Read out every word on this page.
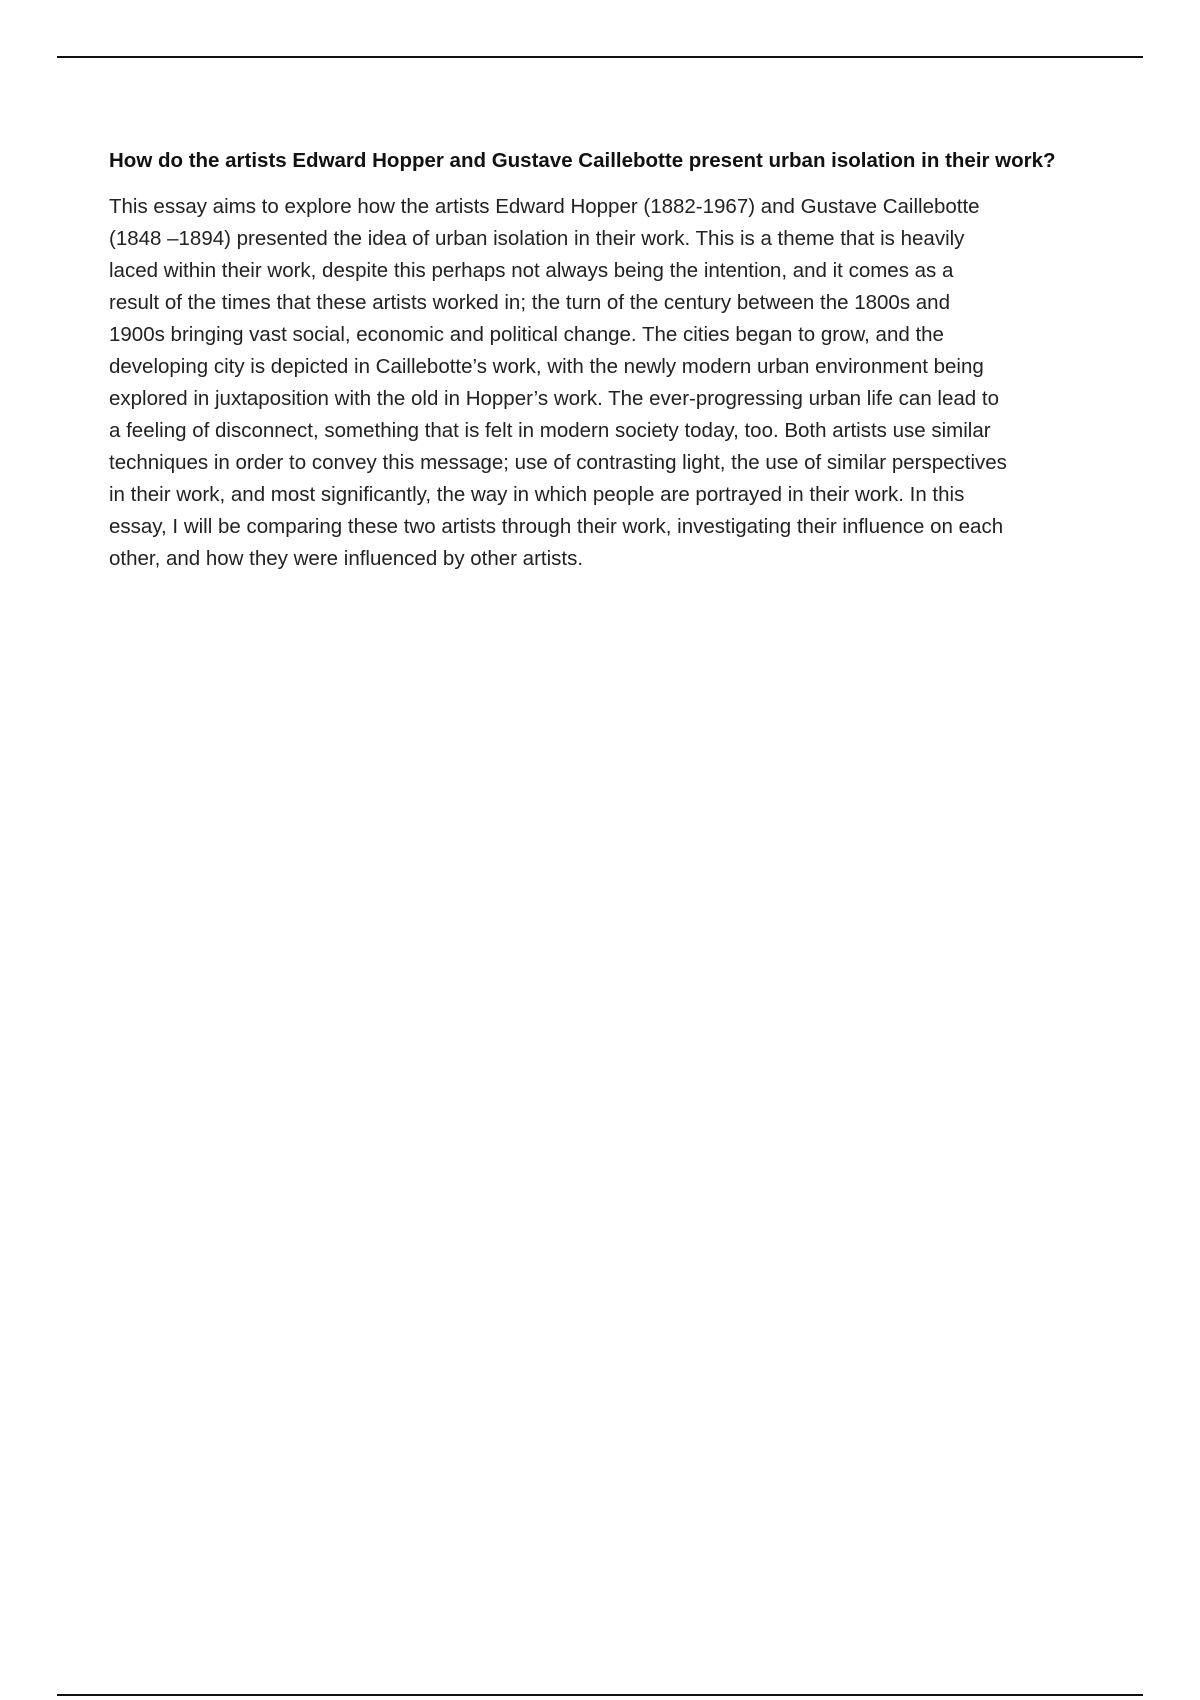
How do the artists Edward Hopper and Gustave Caillebotte present urban isolation in their work?

This essay aims to explore how the artists Edward Hopper (1882-1967) and Gustave Caillebotte
(1848 –1894) presented the idea of urban isolation in their work. This is a theme that is heavily
laced within their work, despite this perhaps not always being the intention, and it comes as a
result of the times that these artists worked in; the turn of the century between the 1800s and
1900s bringing vast social, economic and political change. The cities began to grow, and the
developing city is depicted in Caillebotte’s work, with the newly modern urban environment being
explored in juxtaposition with the old in Hopper’s work. The ever-progressing urban life can lead to
a feeling of disconnect, something that is felt in modern society today, too. Both artists use similar
techniques in order to convey this message; use of contrasting light, the use of similar perspectives
in their work, and most significantly, the way in which people are portrayed in their work. In this
essay, I will be comparing these two artists through their work, investigating their influence on each
other, and how they were influenced by other artists.
